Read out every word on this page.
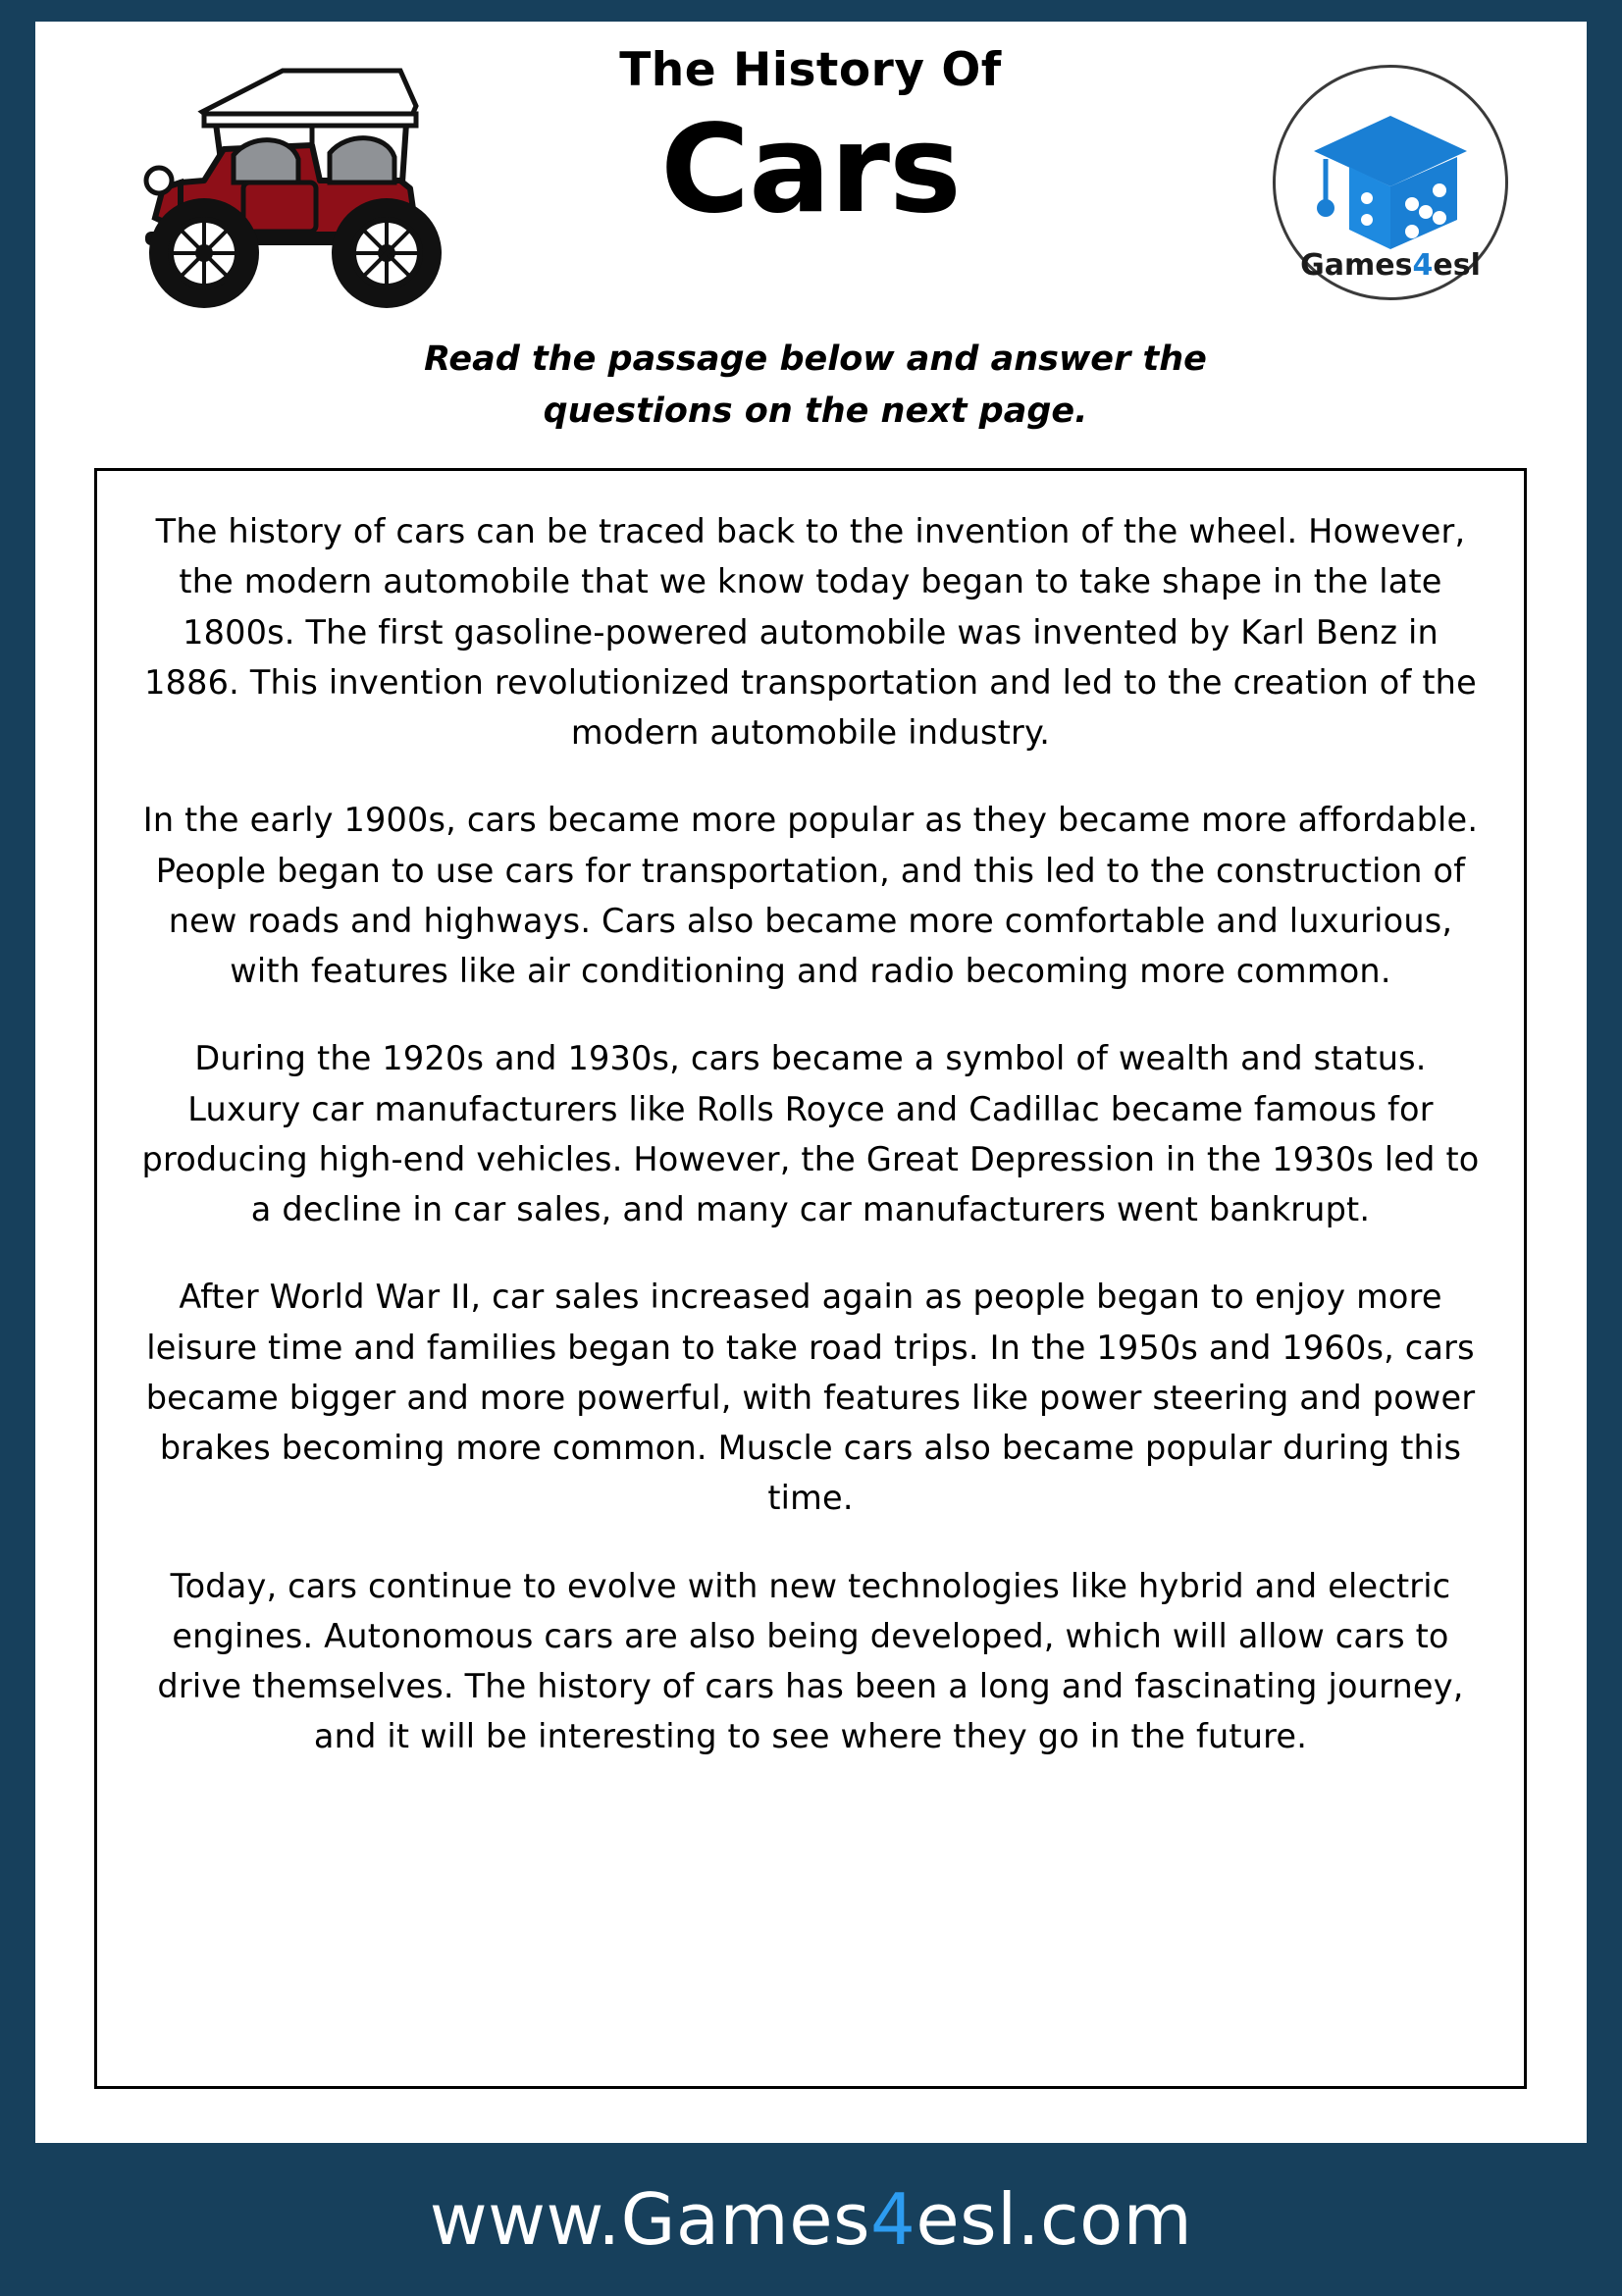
The History Of
Cars
Games4esl
Read the passage below and answer the questions on the next page.

The history of cars can be traced back to the invention of the wheel. However, the modern automobile that we know today began to take shape in the late 1800s. The first gasoline-powered automobile was invented by Karl Benz in 1886. This invention revolutionized transportation and led to the creation of the modern automobile industry.

In the early 1900s, cars became more popular as they became more affordable. People began to use cars for transportation, and this led to the construction of new roads and highways. Cars also became more comfortable and luxurious, with features like air conditioning and radio becoming more common.

During the 1920s and 1930s, cars became a symbol of wealth and status. Luxury car manufacturers like Rolls Royce and Cadillac became famous for producing high-end vehicles. However, the Great Depression in the 1930s led to a decline in car sales, and many car manufacturers went bankrupt.

After World War II, car sales increased again as people began to enjoy more leisure time and families began to take road trips. In the 1950s and 1960s, cars became bigger and more powerful, with features like power steering and power brakes becoming more common. Muscle cars also became popular during this time.

Today, cars continue to evolve with new technologies like hybrid and electric engines. Autonomous cars are also being developed, which will allow cars to drive themselves. The history of cars has been a long and fascinating journey, and it will be interesting to see where they go in the future.

www.Games4esl.com
